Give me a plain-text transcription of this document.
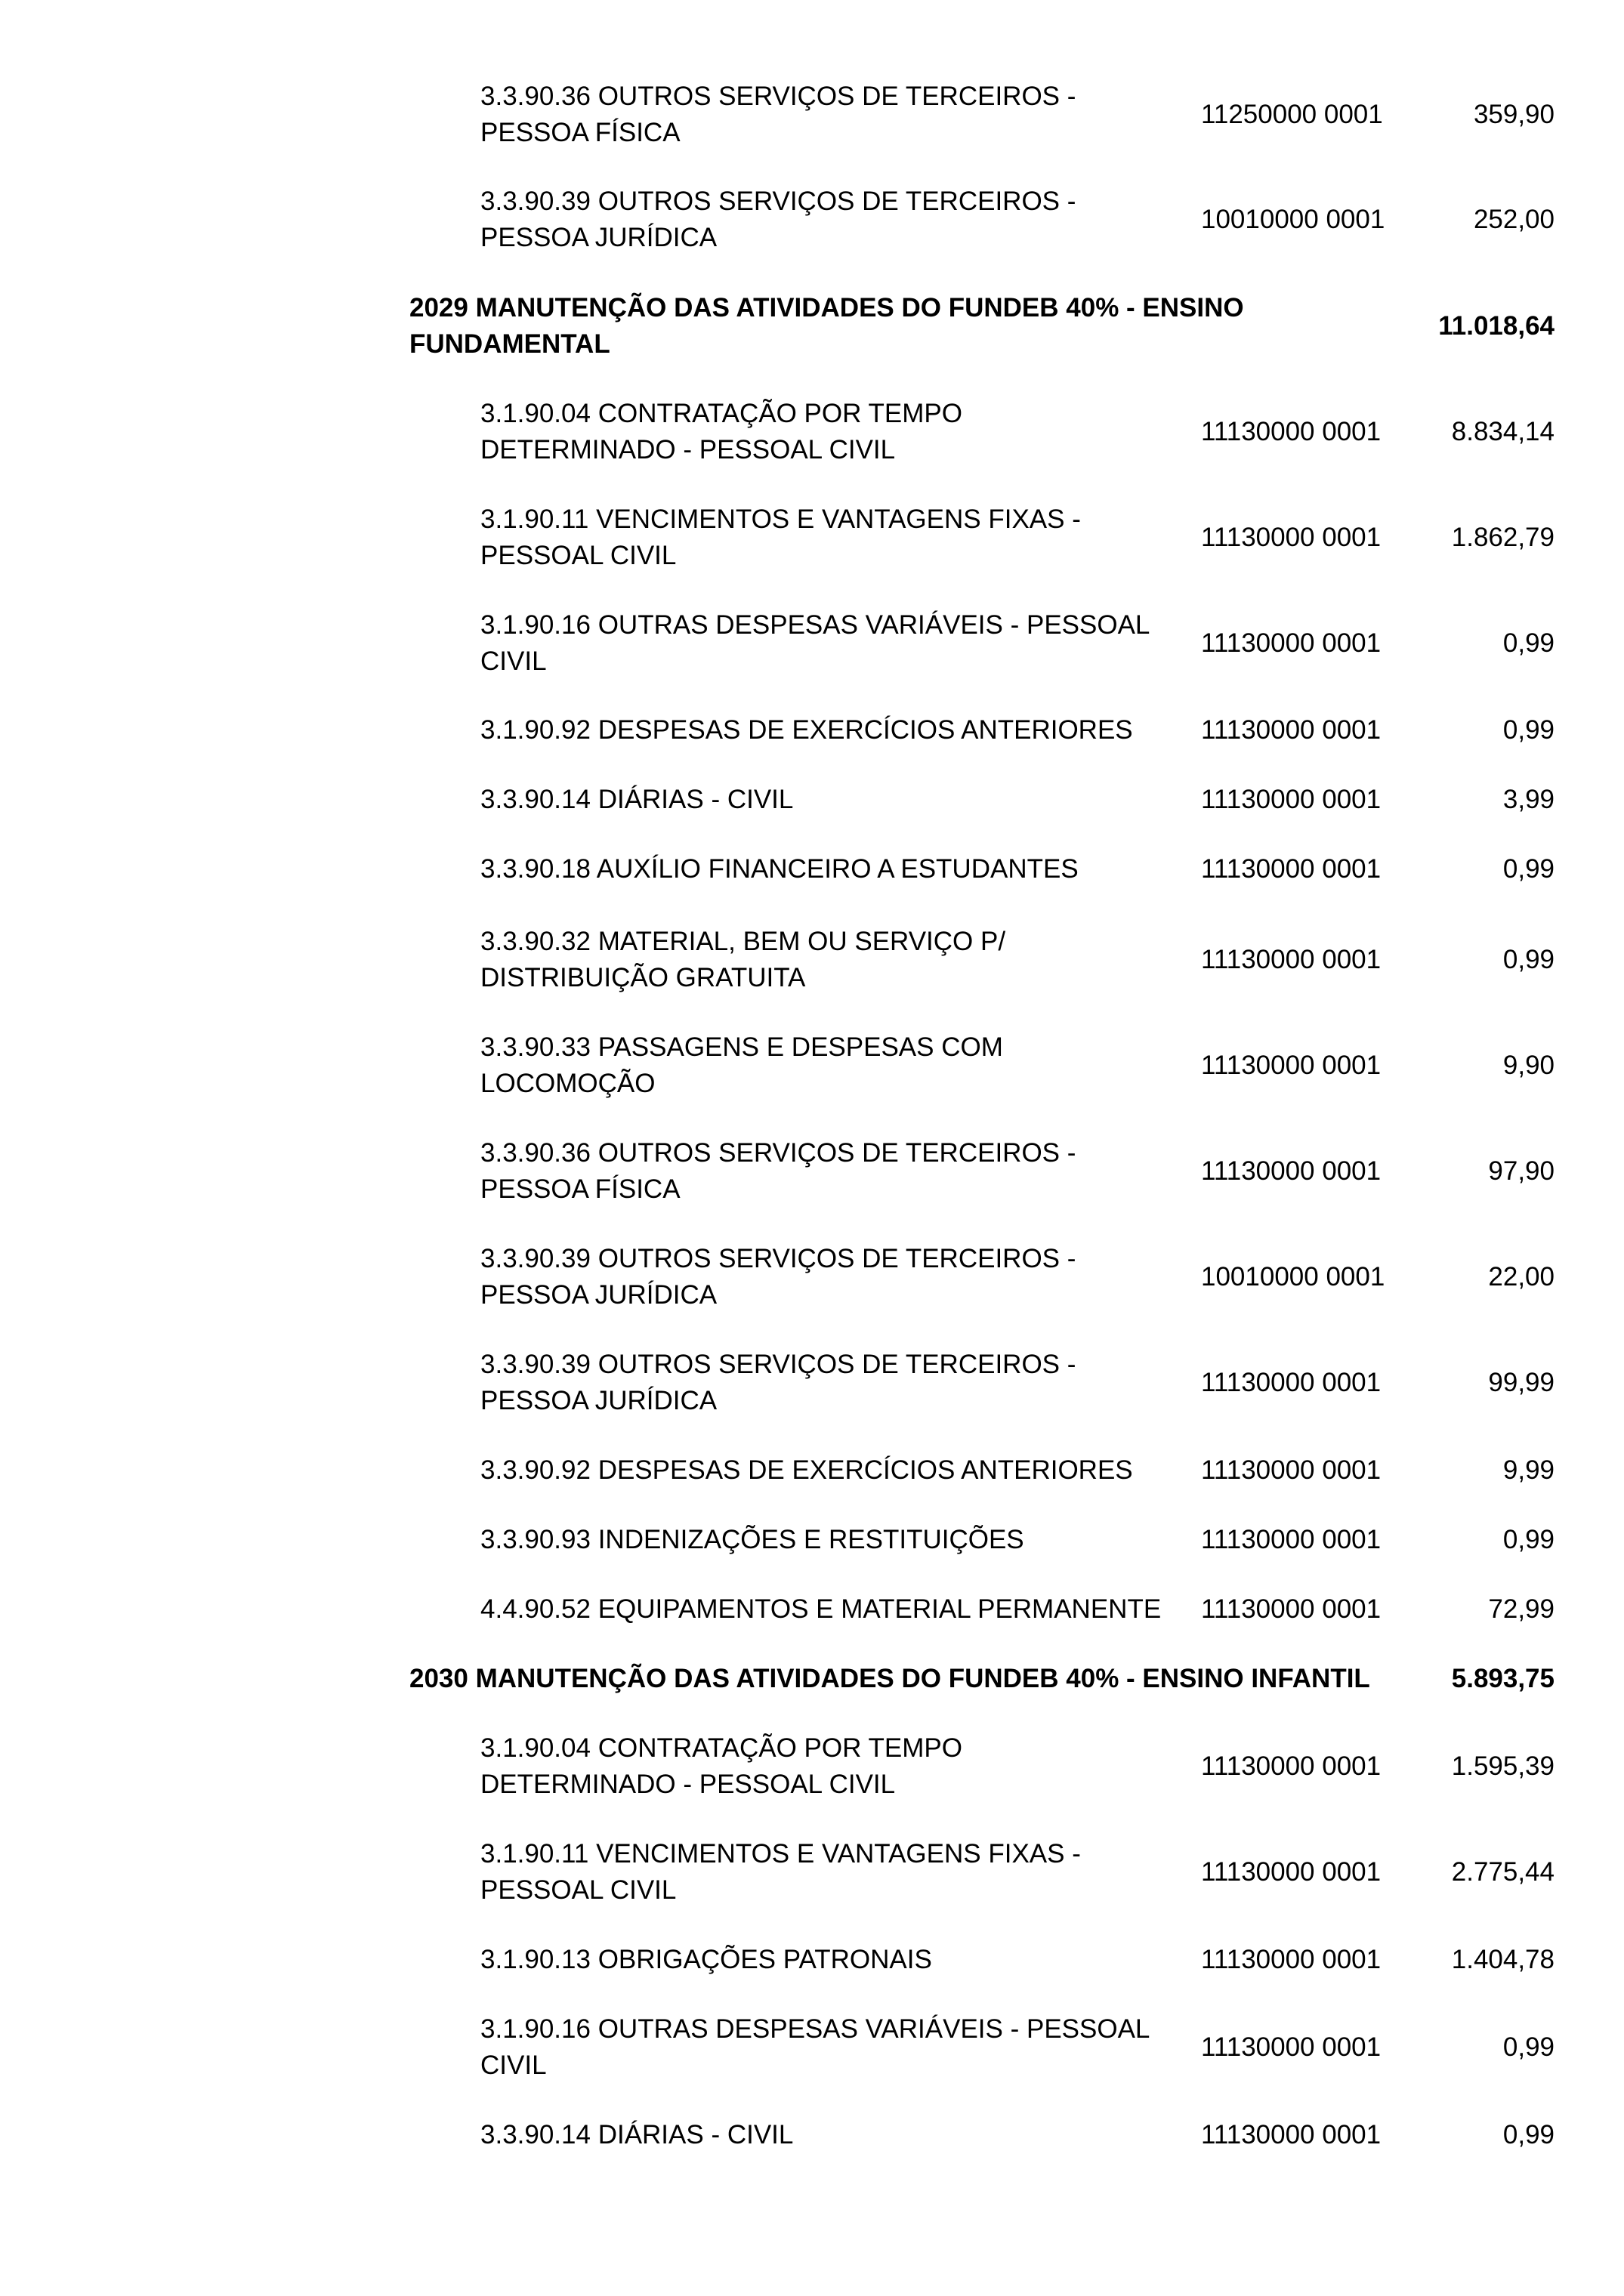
3.3.90.36 OUTROS SERVIÇOS DE TERCEIROS -
PESSOA FÍSICA
11250000 0001	359,90
3.3.90.39 OUTROS SERVIÇOS DE TERCEIROS -
PESSOA JURÍDICA
10010000 0001	252,00
2029 MANUTENÇÃO DAS ATIVIDADES DO FUNDEB 40% - ENSINO
FUNDAMENTAL
11.018,64
3.1.90.04 CONTRATAÇÃO POR TEMPO
DETERMINADO - PESSOAL CIVIL
11130000 0001	8.834,14
3.1.90.11 VENCIMENTOS E VANTAGENS FIXAS -
PESSOAL CIVIL
11130000 0001	1.862,79
3.1.90.16 OUTRAS DESPESAS VARIÁVEIS - PESSOAL
CIVIL
11130000 0001	0,99
3.1.90.92 DESPESAS DE EXERCÍCIOS ANTERIORES	11130000 0001	0,99
3.3.90.14 DIÁRIAS - CIVIL	11130000 0001	3,99
3.3.90.18 AUXÍLIO FINANCEIRO A ESTUDANTES	11130000 0001	0,99
3.3.90.32 MATERIAL, BEM OU SERVIÇO P/
DISTRIBUIÇÃO GRATUITA
11130000 0001	0,99
3.3.90.33 PASSAGENS E DESPESAS COM
LOCOMOÇÃO
11130000 0001	9,90
3.3.90.36 OUTROS SERVIÇOS DE TERCEIROS -
PESSOA FÍSICA
11130000 0001	97,90
3.3.90.39 OUTROS SERVIÇOS DE TERCEIROS -
PESSOA JURÍDICA
10010000 0001	22,00
3.3.90.39 OUTROS SERVIÇOS DE TERCEIROS -
PESSOA JURÍDICA
11130000 0001	99,99
3.3.90.92 DESPESAS DE EXERCÍCIOS ANTERIORES	11130000 0001	9,99
3.3.90.93 INDENIZAÇÕES E RESTITUIÇÕES	11130000 0001	0,99
4.4.90.52 EQUIPAMENTOS E MATERIAL PERMANENTE	11130000 0001	72,99
2030 MANUTENÇÃO DAS ATIVIDADES DO FUNDEB 40% - ENSINO INFANTIL	5.893,75
3.1.90.04 CONTRATAÇÃO POR TEMPO
DETERMINADO - PESSOAL CIVIL
11130000 0001	1.595,39
3.1.90.11 VENCIMENTOS E VANTAGENS FIXAS -
PESSOAL CIVIL
11130000 0001	2.775,44
3.1.90.13 OBRIGAÇÕES PATRONAIS	11130000 0001	1.404,78
3.1.90.16 OUTRAS DESPESAS VARIÁVEIS - PESSOAL
CIVIL
11130000 0001	0,99
3.3.90.14 DIÁRIAS - CIVIL	11130000 0001	0,99
